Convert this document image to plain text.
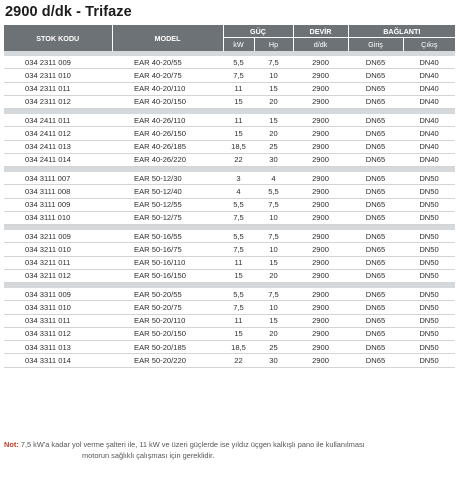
2900 d/dk - Trifaze
STOK KODU	MODEL	GÜÇ		DEVİR	BAĞLANTI	
		kW	Hp	d/dk	Giriş	Çıkış

034 2311 009	EAR 40-20/55	5,5	7,5	2900	DN65	DN40
034 2311 010	EAR 40-20/75	7,5	10	2900	DN65	DN40
034 2311 011	EAR 40-20/110	11	15	2900	DN65	DN40
034 2311 012	EAR 40-20/150	15	20	2900	DN65	DN40

034 2411 011	EAR 40-26/110	11	15	2900	DN65	DN40
034 2411 012	EAR 40-26/150	15	20	2900	DN65	DN40
034 2411 013	EAR 40-26/185	18,5	25	2900	DN65	DN40
034 2411 014	EAR 40-26/220	22	30	2900	DN65	DN40

034 3111 007	EAR 50-12/30	3	4	2900	DN65	DN50
034 3111 008	EAR 50-12/40	4	5,5	2900	DN65	DN50
034 3111 009	EAR 50-12/55	5,5	7,5	2900	DN65	DN50
034 3111 010	EAR 50-12/75	7,5	10	2900	DN65	DN50

034 3211 009	EAR 50-16/55	5,5	7,5	2900	DN65	DN50
034 3211 010	EAR 50-16/75	7,5	10	2900	DN65	DN50
034 3211 011	EAR 50-16/110	11	15	2900	DN65	DN50
034 3211 012	EAR 50-16/150	15	20	2900	DN65	DN50

034 3311 009	EAR 50-20/55	5,5	7,5	2900	DN65	DN50
034 3311 010	EAR 50-20/75	7,5	10	2900	DN65	DN50
034 3311 011	EAR 50-20/110	11	15	2900	DN65	DN50
034 3311 012	EAR 50-20/150	15	20	2900	DN65	DN50
034 3311 013	EAR 50-20/185	18,5	25	2900	DN65	DN50
034 3311 014	EAR 50-20/220	22	30	2900	DN65	DN50
Not: 7,5 kW'a kadar yol verme şalteri ile, 11 kW ve üzeri güçlerde ise yıldız üçgen kalkışlı pano ile kullanılması
motorun sağlıklı çalışması için gereklidir.
